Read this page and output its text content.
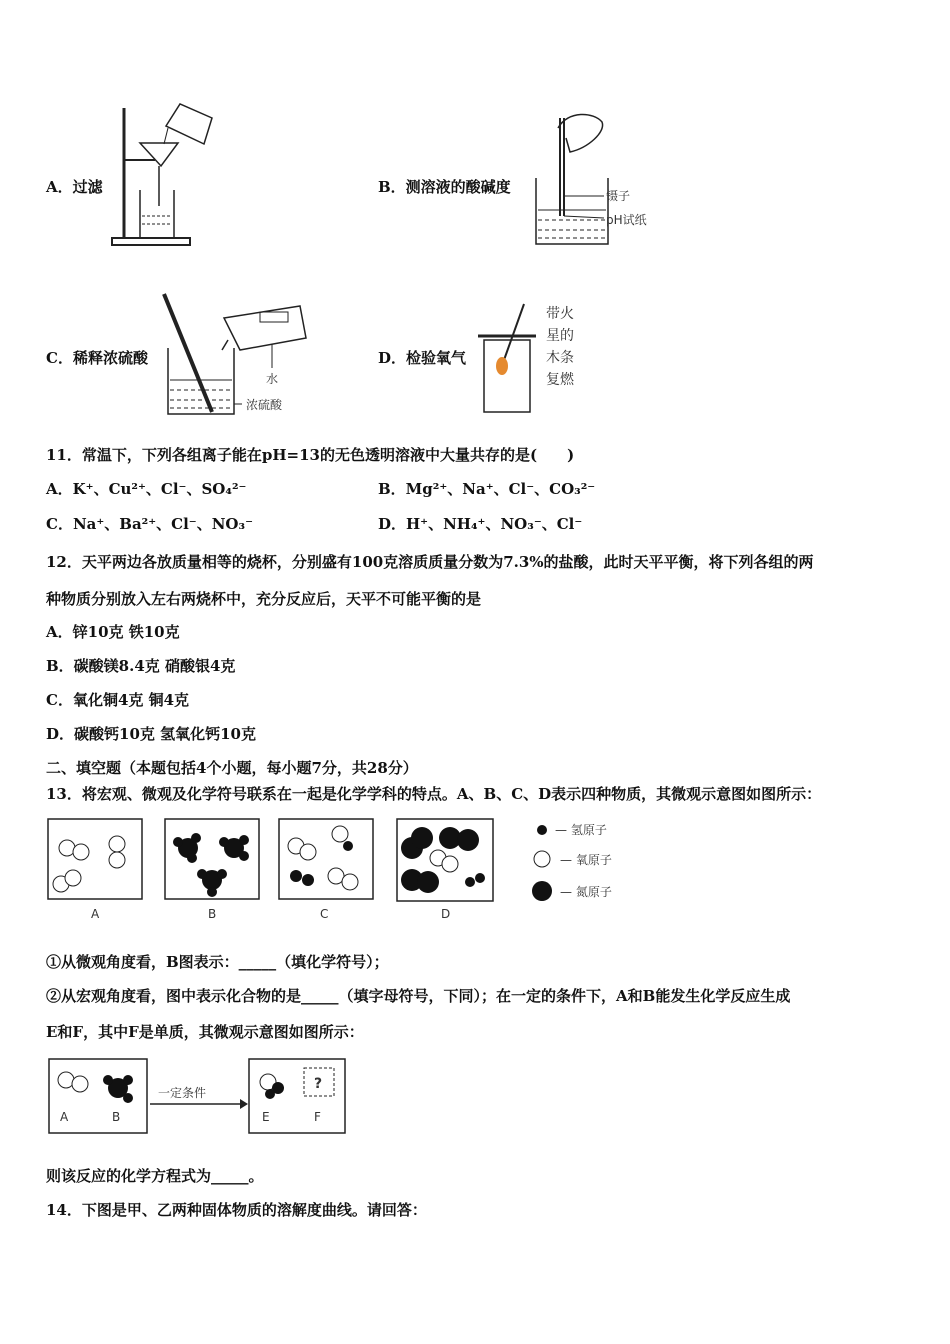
A．过滤	B．测溶液的酸碱度	镊子
pH试纸
C．稀释浓硫酸
水
浓硫酸
D．检验氧气
带火
星的
木条
复燃
11．常温下，下列各组离子能在pH=13的无色透明溶液中大量共存的是(　　)
A．K⁺、Cu²⁺、Cl⁻、SO₄²⁻	B．Mg²⁺、Na⁺、Cl⁻、CO₃²⁻
C．Na⁺、Ba²⁺、Cl⁻、NO₃⁻	D．H⁺、NH₄⁺、NO₃⁻、Cl⁻
12．天平两边各放质量相等的烧杯，分别盛有100克溶质质量分数为7.3%的盐酸，此时天平平衡，将下列各组的两
种物质分别放入左右两烧杯中，充分反应后，天平不可能平衡的是
A．锌10克 铁10克
B．碳酸镁8.4克 硝酸银4克
C．氧化铜4克 铜4克
D．碳酸钙10克 氢氧化钙10克
二、填空题（本题包括4个小题，每小题7分，共28分）
13．将宏观、微观及化学符号联系在一起是化学学科的特点。A、B、C、D表示四种物质，其微观示意图如图所示：
A	B	C	D
— 氢原子
— 氧原子
— 氮原子
①从微观角度看，B图表示：_____（填化学符号）；
②从宏观角度看，图中表示化合物的是_____（填字母符号，下同）；在一定的条件下，A和B能发生化学反应生成
E和F，其中F是单质，其微观示意图如图所示：
A	B
一定条件
?
E	F
则该反应的化学方程式为_____。
14．下图是甲、乙两种固体物质的溶解度曲线。请回答：
